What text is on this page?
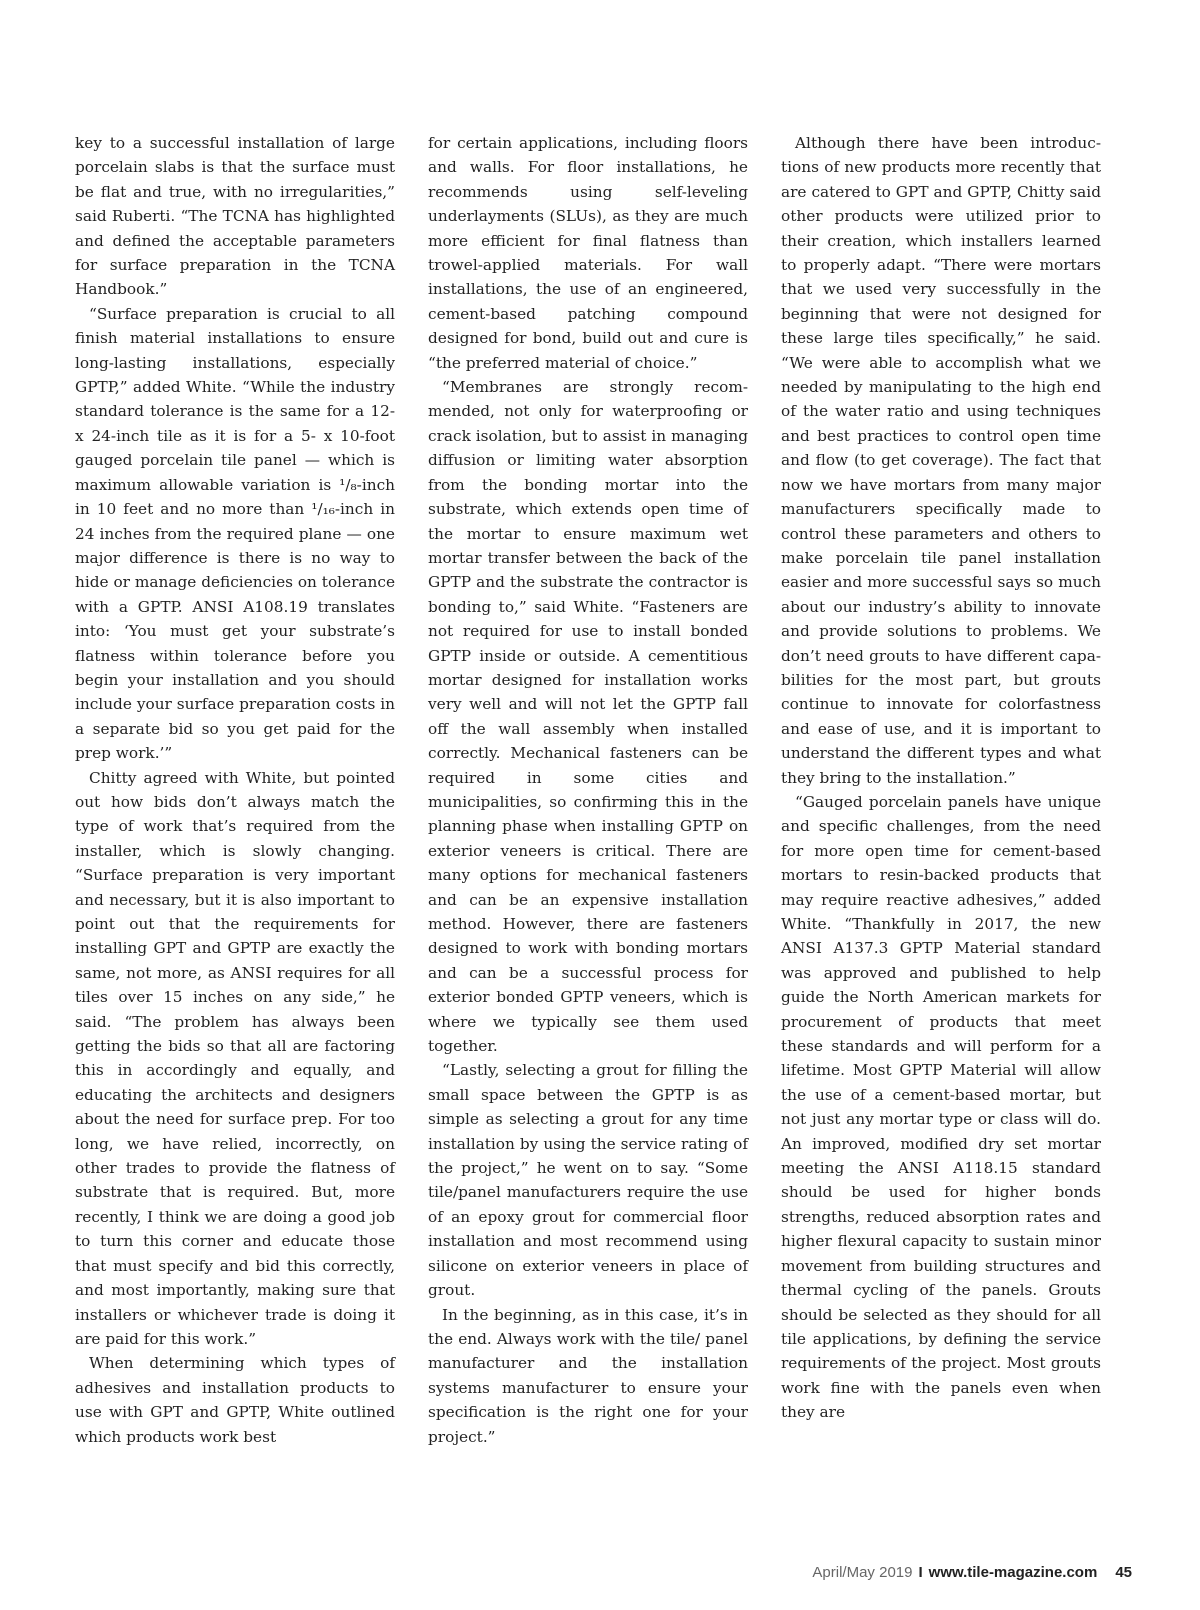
key to a successful installation of large porcelain slabs is that the surface must be flat and true, with no irregularities,” said Ruberti. “The TCNA has highlighted and defined the acceptable parameters for surface preparation in the TCNA Handbook.”

“Surface preparation is crucial to all finish material installations to ensure long-lasting installations, especially GPTP,” added White. “While the industry standard tolerance is the same for a 12- x 24-inch tile as it is for a 5- x 10-foot gauged porcelain tile panel — which is maximum allowable variation is ¹/₈-inch in 10 feet and no more than ¹/₁₆-inch in 24 inches from the required plane — one major difference is there is no way to hide or manage deficiencies on tolerance with a GPTP. ANSI A108.19 translates into: ‘You must get your substrate’s flatness within tolerance before you begin your installation and you should include your surface preparation costs in a separate bid so you get paid for the prep work.’”

Chitty agreed with White, but pointed out how bids don’t always match the type of work that’s required from the installer, which is slowly changing. “Surface preparation is very important and necessary, but it is also important to point out that the requirements for installing GPT and GPTP are exactly the same, not more, as ANSI requires for all tiles over 15 inches on any side,” he said. “The problem has always been getting the bids so that all are factoring this in accordingly and equally, and educating the architects and designers about the need for surface prep. For too long, we have relied, incorrectly, on other trades to provide the flatness of substrate that is required. But, more recently, I think we are doing a good job to turn this corner and educate those that must specify and bid this correctly, and most importantly, making sure that installers or whichever trade is doing it are paid for this work.”

When determining which types of adhesives and installation products to use with GPT and GPTP, White outlined which products work best

for certain applications, including floors and walls. For floor installations, he recommends using self-leveling underlayments (SLUs), as they are much more efficient for final flatness than trowel-applied materials. For wall installations, the use of an engineered, cement-based patching compound designed for bond, build out and cure is “the preferred material of choice.”

“Membranes are strongly recommended, not only for waterproofing or crack isolation, but to assist in managing diffusion or limiting water absorption from the bonding mortar into the substrate, which extends open time of the mortar to ensure maximum wet mortar transfer between the back of the GPTP and the substrate the contractor is bonding to,” said White. “Fasteners are not required for use to install bonded GPTP inside or outside. A cementitious mortar designed for installation works very well and will not let the GPTP fall off the wall assembly when installed correctly. Mechanical fasteners can be required in some cities and municipalities, so confirming this in the planning phase when installing GPTP on exterior veneers is critical. There are many options for mechanical fasteners and can be an expensive installation method. However, there are fasteners designed to work with bonding mortars and can be a successful process for exterior bonded GPTP veneers, which is where we typically see them used together.

“Lastly, selecting a grout for filling the small space between the GPTP is as simple as selecting a grout for any time installation by using the service rating of the project,” he went on to say. “Some tile/panel manufacturers require the use of an epoxy grout for commercial floor installation and most recommend using silicone on exterior veneers in place of grout.

In the beginning, as in this case, it’s in the end. Always work with the tile/ panel manufacturer and the installation systems manufacturer to ensure your specification is the right one for your project.”

Although there have been introductions of new products more recently that are catered to GPT and GPTP, Chitty said other products were utilized prior to their creation, which installers learned to properly adapt. “There were mortars that we used very successfully in the beginning that were not designed for these large tiles specifically,” he said. “We were able to accomplish what we needed by manipulating to the high end of the water ratio and using techniques and best practices to control open time and flow (to get coverage). The fact that now we have mortars from many major manufacturers specifically made to control these parameters and others to make porcelain tile panel installation easier and more successful says so much about our industry’s ability to innovate and provide solutions to problems. We don’t need grouts to have different capabilities for the most part, but grouts continue to innovate for colorfastness and ease of use, and it is important to understand the different types and what they bring to the installation.”

“Gauged porcelain panels have unique and specific challenges, from the need for more open time for cement-based mortars to resin-backed products that may require reactive adhesives,” added White. “Thankfully in 2017, the new ANSI A137.3 GPTP Material standard was approved and published to help guide the North American markets for procurement of products that meet these standards and will perform for a lifetime. Most GPTP Material will allow the use of a cement-based mortar, but not just any mortar type or class will do. An improved, modified dry set mortar meeting the ANSI A118.15 standard should be used for higher bonds strengths, reduced absorption rates and higher flexural capacity to sustain minor movement from building structures and thermal cycling of the panels. Grouts should be selected as they should for all tile applications, by defining the service requirements of the project. Most grouts work fine with the panels even when they are

April/May 2019 I www.tile-magazine.com 45
